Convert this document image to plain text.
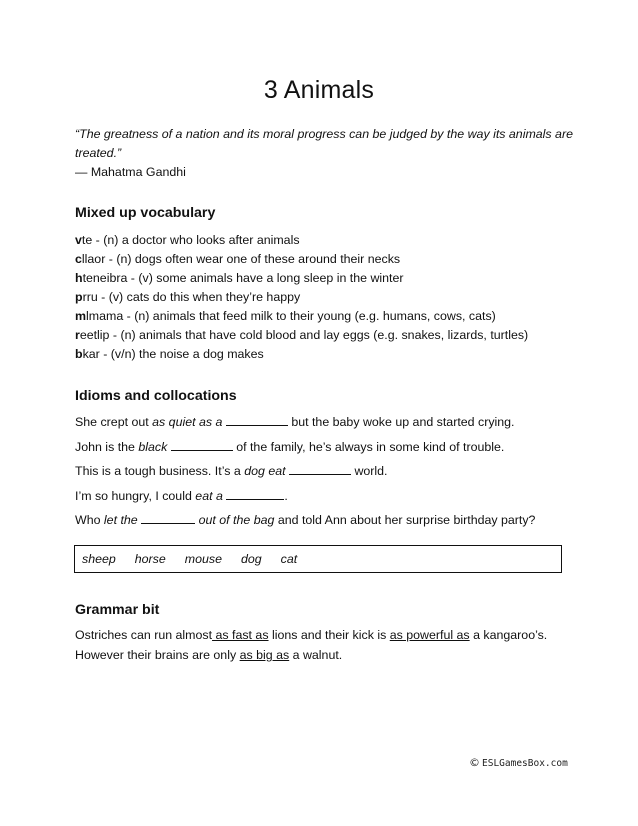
3 Animals
“The greatness of a nation and its moral progress can be judged by the way its animals are treated.”
— Mahatma Gandhi
Mixed up vocabulary
vte - (n) a doctor who looks after animals
cllaor - (n) dogs often wear one of these around their necks
hteneibra - (v) some animals have a long sleep in the winter
prru - (v) cats do this when they’re happy
mlmama - (n) animals that feed milk to their young (e.g. humans, cows, cats)
reetlip - (n) animals that have cold blood and lay eggs (e.g. snakes, lizards, turtles)
bkar - (v/n) the noise a dog makes
Idioms and collocations
She crept out as quiet as a	but the baby woke up and started crying.
John is the black	of the family, he’s always in some kind of trouble.
This is a tough business. It’s a dog eat	world.
I’m so hungry, I could eat a	.
Who let the	out of the bag and told Ann about her surprise birthday party?
sheep horse mouse dog cat
Grammar bit
Ostriches can run almost as fast as lions and their kick is as powerful as a kangaroo’s.
However their brains are only as big as a walnut.
© ESLGamesBox.com
